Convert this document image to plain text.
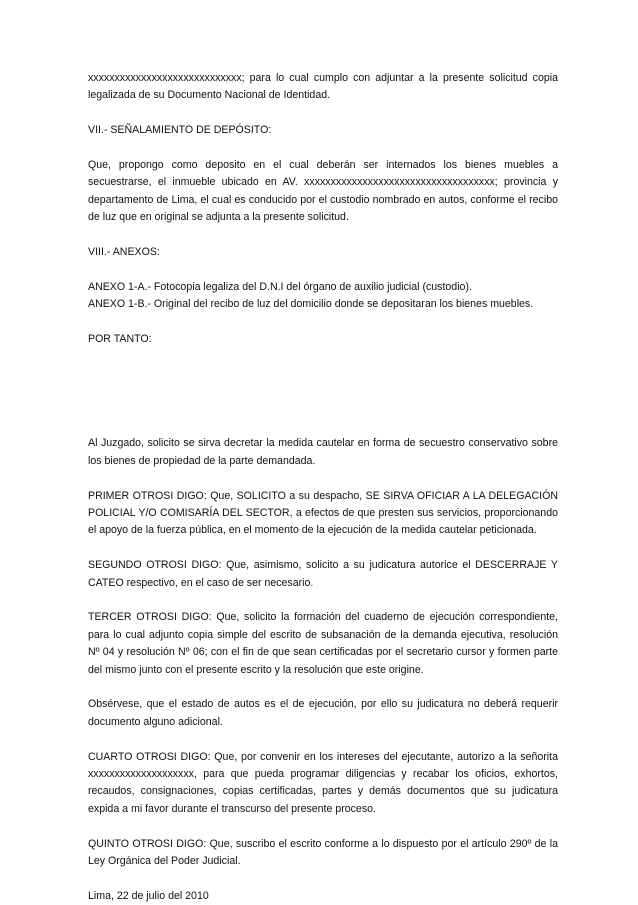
xxxxxxxxxxxxxxxxxxxxxxxxxxxxx; para lo cual cumplo con adjuntar a la presente solicitud copia
legalizada de su Documento Nacional de Identidad.

VII.- SEÑALAMIENTO DE DEPÓSITO:

Que, propongo como deposito en el cual deberán ser internados los bienes muebles a
secuestrarse, el inmueble ubicado en AV. xxxxxxxxxxxxxxxxxxxxxxxxxxxxxxxxxxxx; provincia y
departamento de Lima, el cual es conducido por el custodio nombrado en autos, conforme el recibo
de luz que en original se adjunta a la presente solicitud.

VIII.- ANEXOS:

ANEXO 1-A.- Fotocopia legaliza del D.N.I del órgano de auxilio judicial (custodio).
ANEXO 1-B.- Original del recibo de luz del domicilio donde se depositaran los bienes muebles.

POR TANTO:

Al Juzgado, solicito se sirva decretar la medida cautelar en forma de secuestro conservativo sobre
los bienes de propiedad de la parte demandada.

PRIMER OTROSI DIGO: Que, SOLICITO a su despacho, SE SIRVA OFICIAR A LA DELEGACIÓN
POLICIAL Y/O COMISARÍA DEL SECTOR, a efectos de que presten sus servicios, proporcionando
el apoyo de la fuerza pública, en el momento de la ejecución de la medida cautelar peticionada.

SEGUNDO OTROSI DIGO: Que, asimismo, solicito a su judicatura autorice el DESCERRAJE Y
CATEO respectivo, en el caso de ser necesario.

TERCER OTROSI DIGO: Que, solicito la formación del cuaderno de ejecución correspondiente,
para lo cual adjunto copia simple del escrito de subsanación de la demanda ejecutiva, resolución
Nº 04 y resolución Nº 06; con el fin de que sean certificadas por el secretario cursor y formen parte
del mismo junto con el presente escrito y la resolución que este origine.

Obsérvese, que el estado de autos es el de ejecución, por ello su judicatura no deberá requerir
documento alguno adicional.

CUARTO OTROSI DIGO: Que, por convenir en los intereses del ejecutante, autorizo a la señorita
xxxxxxxxxxxxxxxxxxxx, para que pueda programar diligencias y recabar los oficios, exhortos,
recaudos, consignaciones, copias certificadas, partes y demás documentos que su judicatura
expida a mi favor durante el transcurso del presente proceso.

QUINTO OTROSI DIGO: Que, suscribo el escrito conforme a lo dispuesto por el artículo 290º de la
Ley Orgánica del Poder Judicial.

Lima, 22 de julio del 2010
